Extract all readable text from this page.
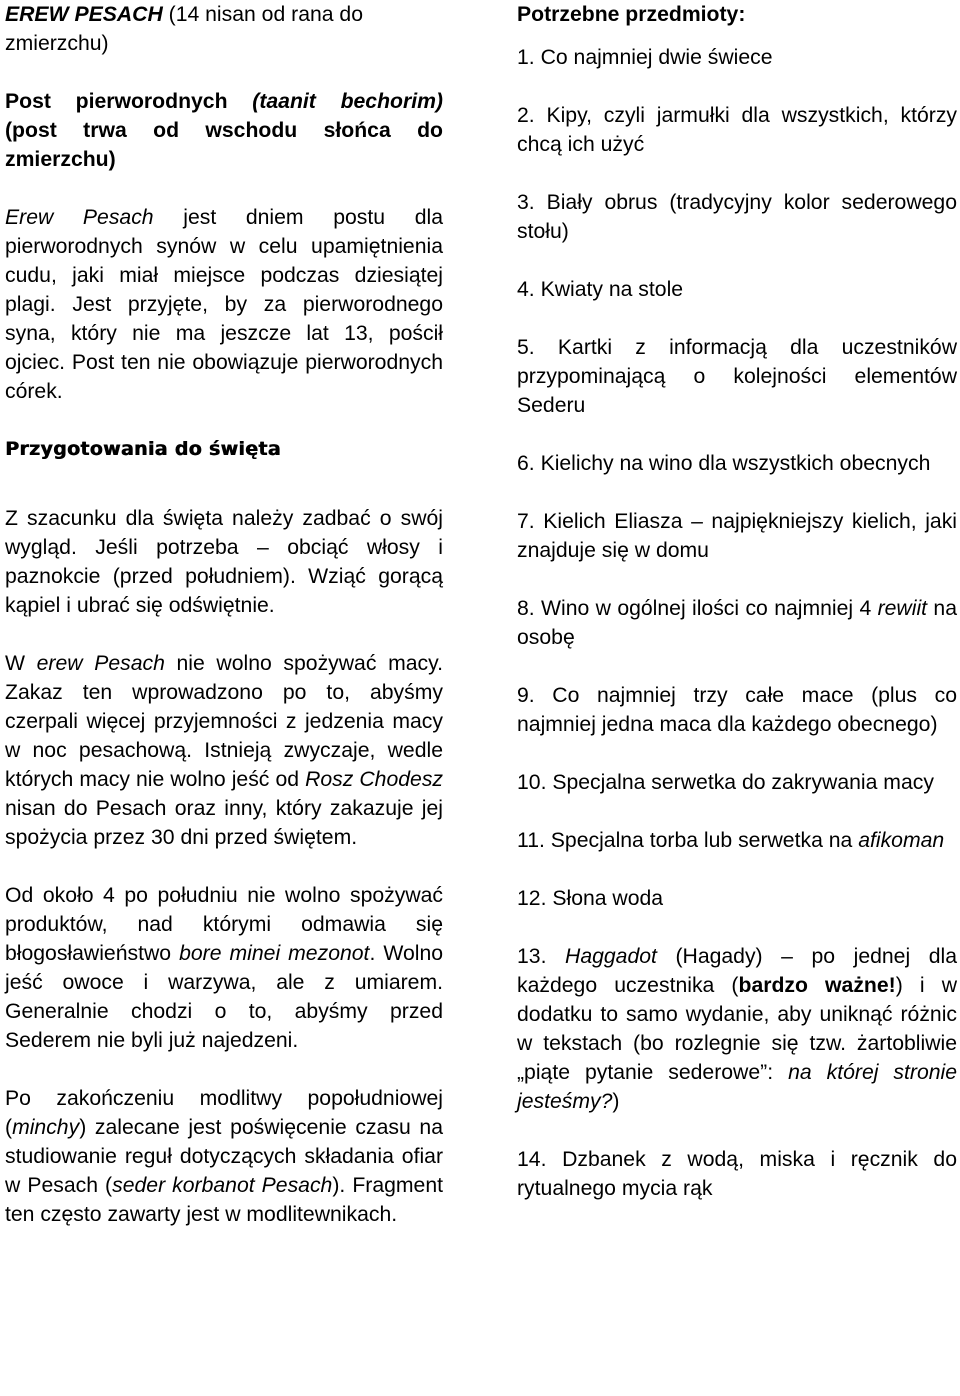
EREW PESACH (14 nisan od rana do zmierzchu)

Post pierworodnych (taanit bechorim) (post trwa od wschodu słońca do zmierzchu)

Erew Pesach jest dniem postu dla pierworodnych synów w celu upamiętnienia cudu, jaki miał miejsce podczas dziesiątej plagi. Jest przyjęte, by za pierworodnego syna, który nie ma jeszcze lat 13, pościł ojciec. Post ten nie obowiązuje pierworodnych córek.

Przygotowania do święta

Z szacunku dla święta należy zadbać o swój wygląd. Jeśli potrzeba – obciąć włosy i paznokcie (przed południem). Wziąć gorącą kąpiel i ubrać się odświętnie.

W erew Pesach nie wolno spożywać macy. Zakaz ten wprowadzono po to, abyśmy czerpali więcej przyjemności z jedzenia macy w noc pesachową. Istnieją zwyczaje, wedle których macy nie wolno jeść od Rosz Chodesz nisan do Pesach oraz inny, który zakazuje jej spożycia przez 30 dni przed świętem.

Od około 4 po południu nie wolno spożywać produktów, nad którymi odmawia się błogosławieństwo bore minei mezonot. Wolno jeść owoce i warzywa, ale z umiarem. Generalnie chodzi o to, abyśmy przed Sederem nie byli już najedzeni.

Po zakończeniu modlitwy popołudniowej (minchy) zalecane jest poświęcenie czasu na studiowanie reguł dotyczących składania ofiar w Pesach (seder korbanot Pesach). Fragment ten często zawarty jest w modlitewnikach.

Potrzebne przedmioty:

1. Co najmniej dwie świece

2. Kipy, czyli jarmułki dla wszystkich, którzy chcą ich użyć

3. Biały obrus (tradycyjny kolor sederowego stołu)

4. Kwiaty na stole

5. Kartki z informacją dla uczestników przypominającą o kolejności elementów Sederu

6. Kielichy na wino dla wszystkich obecnych

7. Kielich Eliasza – najpiękniejszy kielich, jaki znajduje się w domu

8. Wino w ogólnej ilości co najmniej 4 rewiit na osobę

9. Co najmniej trzy całe mace (plus co najmniej jedna maca dla każdego obecnego)

10. Specjalna serwetka do zakrywania macy

11. Specjalna torba lub serwetka na afikoman

12. Słona woda

13. Haggadot (Hagady) – po jednej dla każdego uczestnika (bardzo ważne!) i w dodatku to samo wydanie, aby uniknąć różnic w tekstach (bo rozlegnie się tzw. żartobliwie „piąte pytanie sederowe”: na której stronie jesteśmy?)

14. Dzbanek z wodą, miska i ręcznik do rytualnego mycia rąk
